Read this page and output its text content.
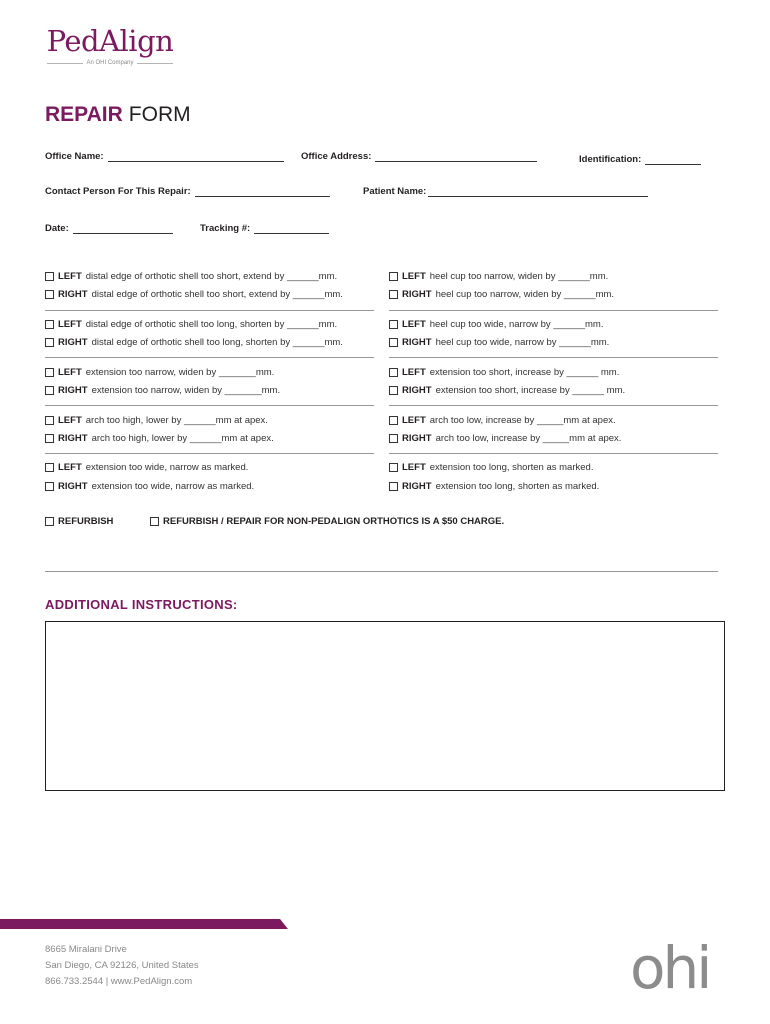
PedAlign
An OHI Company
REPAIR FORM
Office Name:	Office Address:	Identification:
Contact Person For This Repair:	Patient Name:
Date:	Tracking #:
LEFT distal edge of orthotic shell too short, extend by ______mm.
RIGHT distal edge of orthotic shell too short, extend by ______mm.
LEFT heel cup too narrow, widen by ______mm.
RIGHT heel cup too narrow, widen by ______mm.
LEFT distal edge of orthotic shell too long, shorten by ______mm.
RIGHT distal edge of orthotic shell too long, shorten by ______mm.
LEFT heel cup too wide, narrow by ______mm.
RIGHT heel cup too wide, narrow by ______mm.
LEFT extension too narrow, widen by _______mm.
RIGHT extension too narrow, widen by _______mm.
LEFT extension too short, increase by ______ mm.
RIGHT extension too short, increase by ______ mm.
LEFT arch too high, lower by ______mm at apex.
RIGHT arch too high, lower by ______mm at apex.
LEFT arch too low, increase by _____mm at apex.
RIGHT arch too low, increase by _____mm at apex.
LEFT extension too wide, narrow as marked.
RIGHT extension too wide, narrow as marked.
LEFT extension too long, shorten as marked.
RIGHT extension too long, shorten as marked.
REFURBISH	REFURBISH / REPAIR FOR NON-PEDALIGN ORTHOTICS IS A $50 CHARGE.
ADDITIONAL INSTRUCTIONS:
8665 Miralani Drive
San Diego, CA 92126, United States
866.733.2544 | www.PedAlign.com	ohi
